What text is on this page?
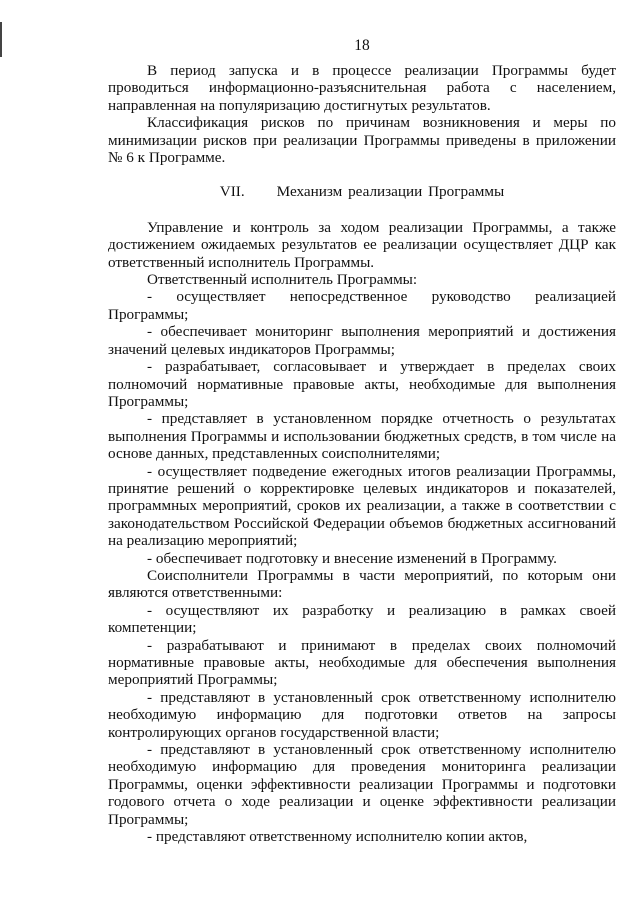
18

В период запуска и в процессе реализации Программы будет проводиться информационно-разъяснительная работа с населением, направленная на популяризацию достигнутых результатов.

Классификация рисков по причинам возникновения и меры по минимизации рисков при реализации Программы приведены в приложении № 6 к Программе.

VII. Механизм реализации Программы

Управление и контроль за ходом реализации Программы, а также достижением ожидаемых результатов ее реализации осуществляет ДЦР как ответственный исполнитель Программы.

Ответственный исполнитель Программы:

- осуществляет непосредственное руководство реализацией Программы;

- обеспечивает мониторинг выполнения мероприятий и достижения значений целевых индикаторов Программы;

- разрабатывает, согласовывает и утверждает в пределах своих полномочий нормативные правовые акты, необходимые для выполнения Программы;

- представляет в установленном порядке отчетность о результатах выполнения Программы и использовании бюджетных средств, в том числе на основе данных, представленных соисполнителями;

- осуществляет подведение ежегодных итогов реализации Программы, принятие решений о корректировке целевых индикаторов и показателей, программных мероприятий, сроков их реализации, а также в соответствии с законодательством Российской Федерации объемов бюджетных ассигнований на реализацию мероприятий;

- обеспечивает подготовку и внесение изменений в Программу.

Соисполнители Программы в части мероприятий, по которым они являются ответственными:

- осуществляют их разработку и реализацию в рамках своей компетенции;

- разрабатывают и принимают в пределах своих полномочий нормативные правовые акты, необходимые для обеспечения выполнения мероприятий Программы;

- представляют в установленный срок ответственному исполнителю необходимую информацию для подготовки ответов на запросы контролирующих органов государственной власти;

- представляют в установленный срок ответственному исполнителю необходимую информацию для проведения мониторинга реализации Программы, оценки эффективности реализации Программы и подготовки годового отчета о ходе реализации и оценке эффективности реализации Программы;

- представляют ответственному исполнителю копии актов,
